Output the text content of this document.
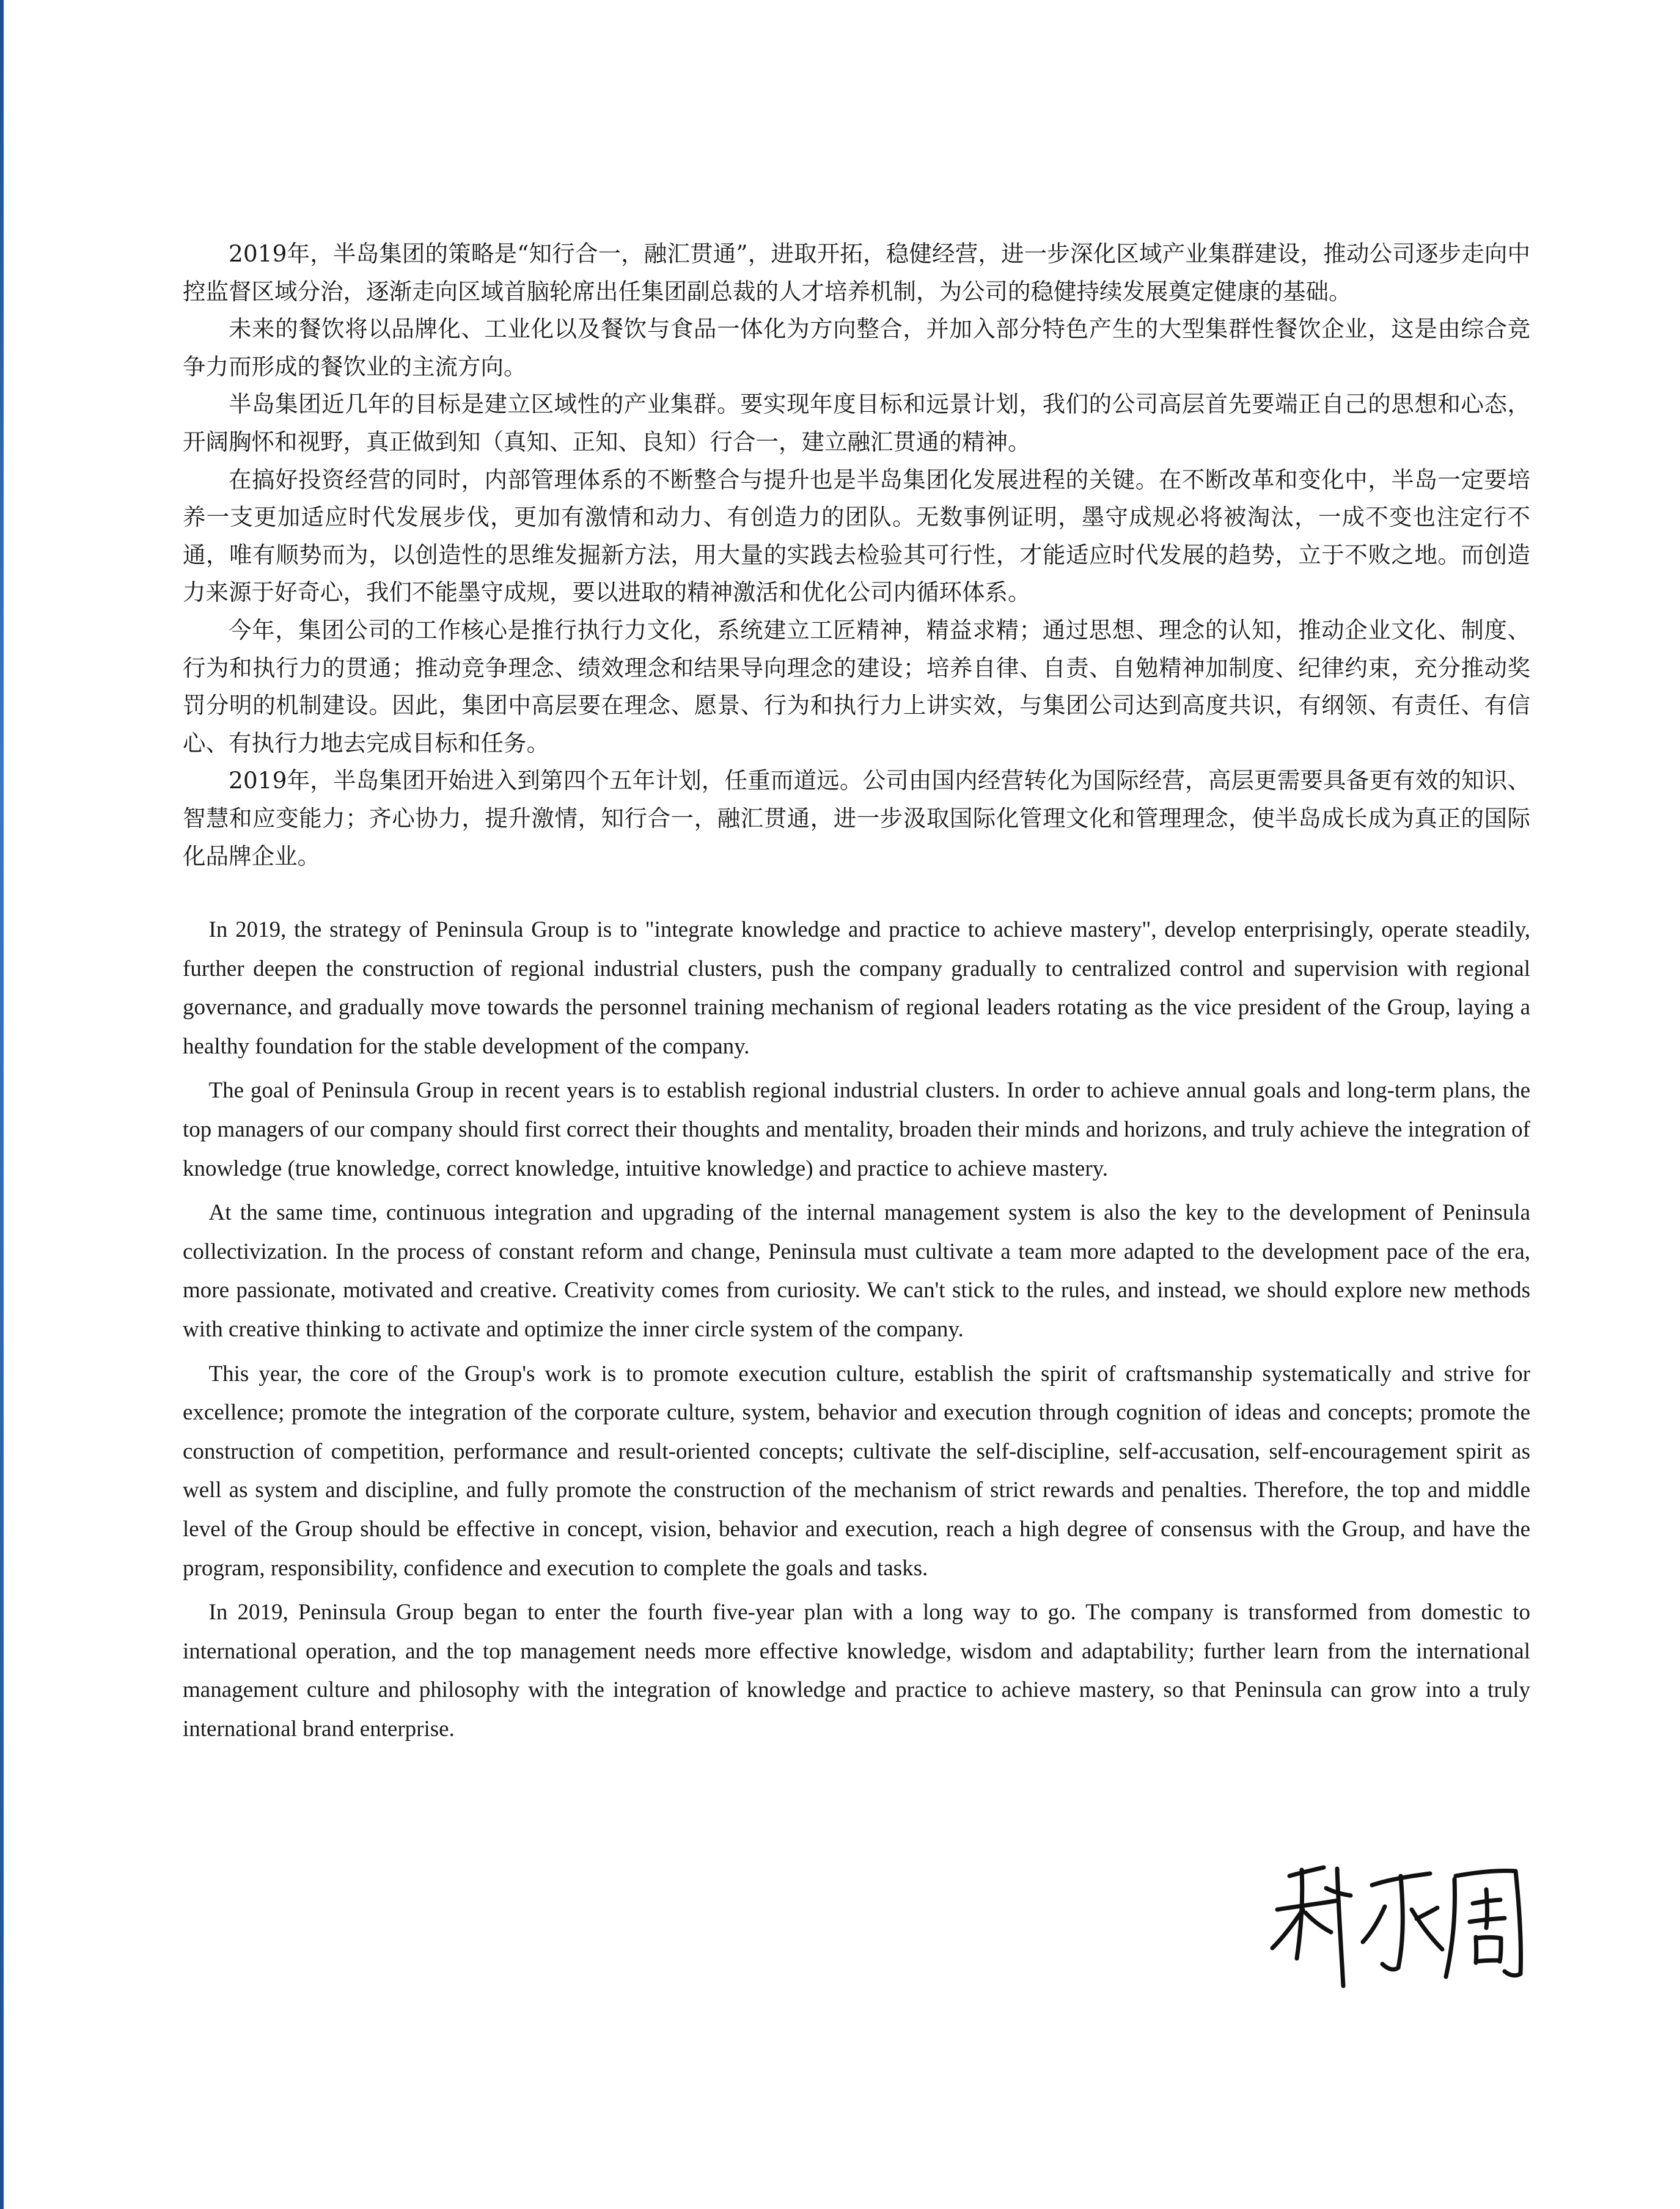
2019年，半岛集团的策略是“知行合一，融汇贯通”，进取开拓，稳健经营，进一步深化区域产业集群建设，推动公司逐步走向中控监督区域分治，逐渐走向区域首脑轮席出任集团副总裁的人才培养机制，为公司的稳健持续发展奠定健康的基础。

未来的餐饮将以品牌化、工业化以及餐饮与食品一体化为方向整合，并加入部分特色产生的大型集群性餐饮企业，这是由综合竞争力而形成的餐饮业的主流方向。

半岛集团近几年的目标是建立区域性的产业集群。要实现年度目标和远景计划，我们的公司高层首先要端正自己的思想和心态，开阔胸怀和视野，真正做到知（真知、正知、良知）行合一，建立融汇贯通的精神。

在搞好投资经营的同时，内部管理体系的不断整合与提升也是半岛集团化发展进程的关键。在不断改革和变化中，半岛一定要培养一支更加适应时代发展步伐，更加有激情和动力、有创造力的团队。无数事例证明，墨守成规必将被淘汰，一成不变也注定行不通，唯有顺势而为，以创造性的思维发掘新方法，用大量的实践去检验其可行性，才能适应时代发展的趋势，立于不败之地。而创造力来源于好奇心，我们不能墨守成规，要以进取的精神激活和优化公司内循环体系。

今年，集团公司的工作核心是推行执行力文化，系统建立工匠精神，精益求精；通过思想、理念的认知，推动企业文化、制度、行为和执行力的贯通；推动竞争理念、绩效理念和结果导向理念的建设；培养自律、自责、自勉精神加制度、纪律约束，充分推动奖罚分明的机制建设。因此，集团中高层要在理念、愿景、行为和执行力上讲实效，与集团公司达到高度共识，有纲领、有责任、有信心、有执行力地去完成目标和任务。

2019年，半岛集团开始进入到第四个五年计划，任重而道远。公司由国内经营转化为国际经营，高层更需要具备更有效的知识、智慧和应变能力；齐心协力，提升激情，知行合一，融汇贯通，进一步汲取国际化管理文化和管理理念，使半岛成长成为真正的国际化品牌企业。

In 2019, the strategy of Peninsula Group is to "integrate knowledge and practice to achieve mastery", develop enterprisingly, operate steadily, further deepen the construction of regional industrial clusters, push the company gradually to centralized control and supervision with regional governance, and gradually move towards the personnel training mechanism of regional leaders rotating as the vice president of the Group, laying a healthy foundation for the stable development of the company.

The goal of Peninsula Group in recent years is to establish regional industrial clusters. In order to achieve annual goals and long-term plans, the top managers of our company should first correct their thoughts and mentality, broaden their minds and horizons, and truly achieve the integration of knowledge (true knowledge, correct knowledge, intuitive knowledge) and practice to achieve mastery.

At the same time, continuous integration and upgrading of the internal management system is also the key to the development of Peninsula collectivization. In the process of constant reform and change, Peninsula must cultivate a team more adapted to the development pace of the era, more passionate, motivated and creative. Creativity comes from curiosity. We can't stick to the rules, and instead, we should explore new methods with creative thinking to activate and optimize the inner circle system of the company.

This year, the core of the Group's work is to promote execution culture, establish the spirit of craftsmanship systematically and strive for excellence; promote the integration of the corporate culture, system, behavior and execution through cognition of ideas and concepts; promote the construction of competition, performance and result-oriented concepts; cultivate the self-discipline, self-accusation, self-encouragement spirit as well as system and discipline, and fully promote the construction of the mechanism of strict rewards and penalties. Therefore, the top and middle level of the Group should be effective in concept, vision, behavior and execution, reach a high degree of consensus with the Group, and have the program, responsibility, confidence and execution to complete the goals and tasks.

In 2019, Peninsula Group began to enter the fourth five-year plan with a long way to go. The company is transformed from domestic to international operation, and the top management needs more effective knowledge, wisdom and adaptability; further learn from the international management culture and philosophy with the integration of knowledge and practice to achieve mastery, so that Peninsula can grow into a truly international brand enterprise.
